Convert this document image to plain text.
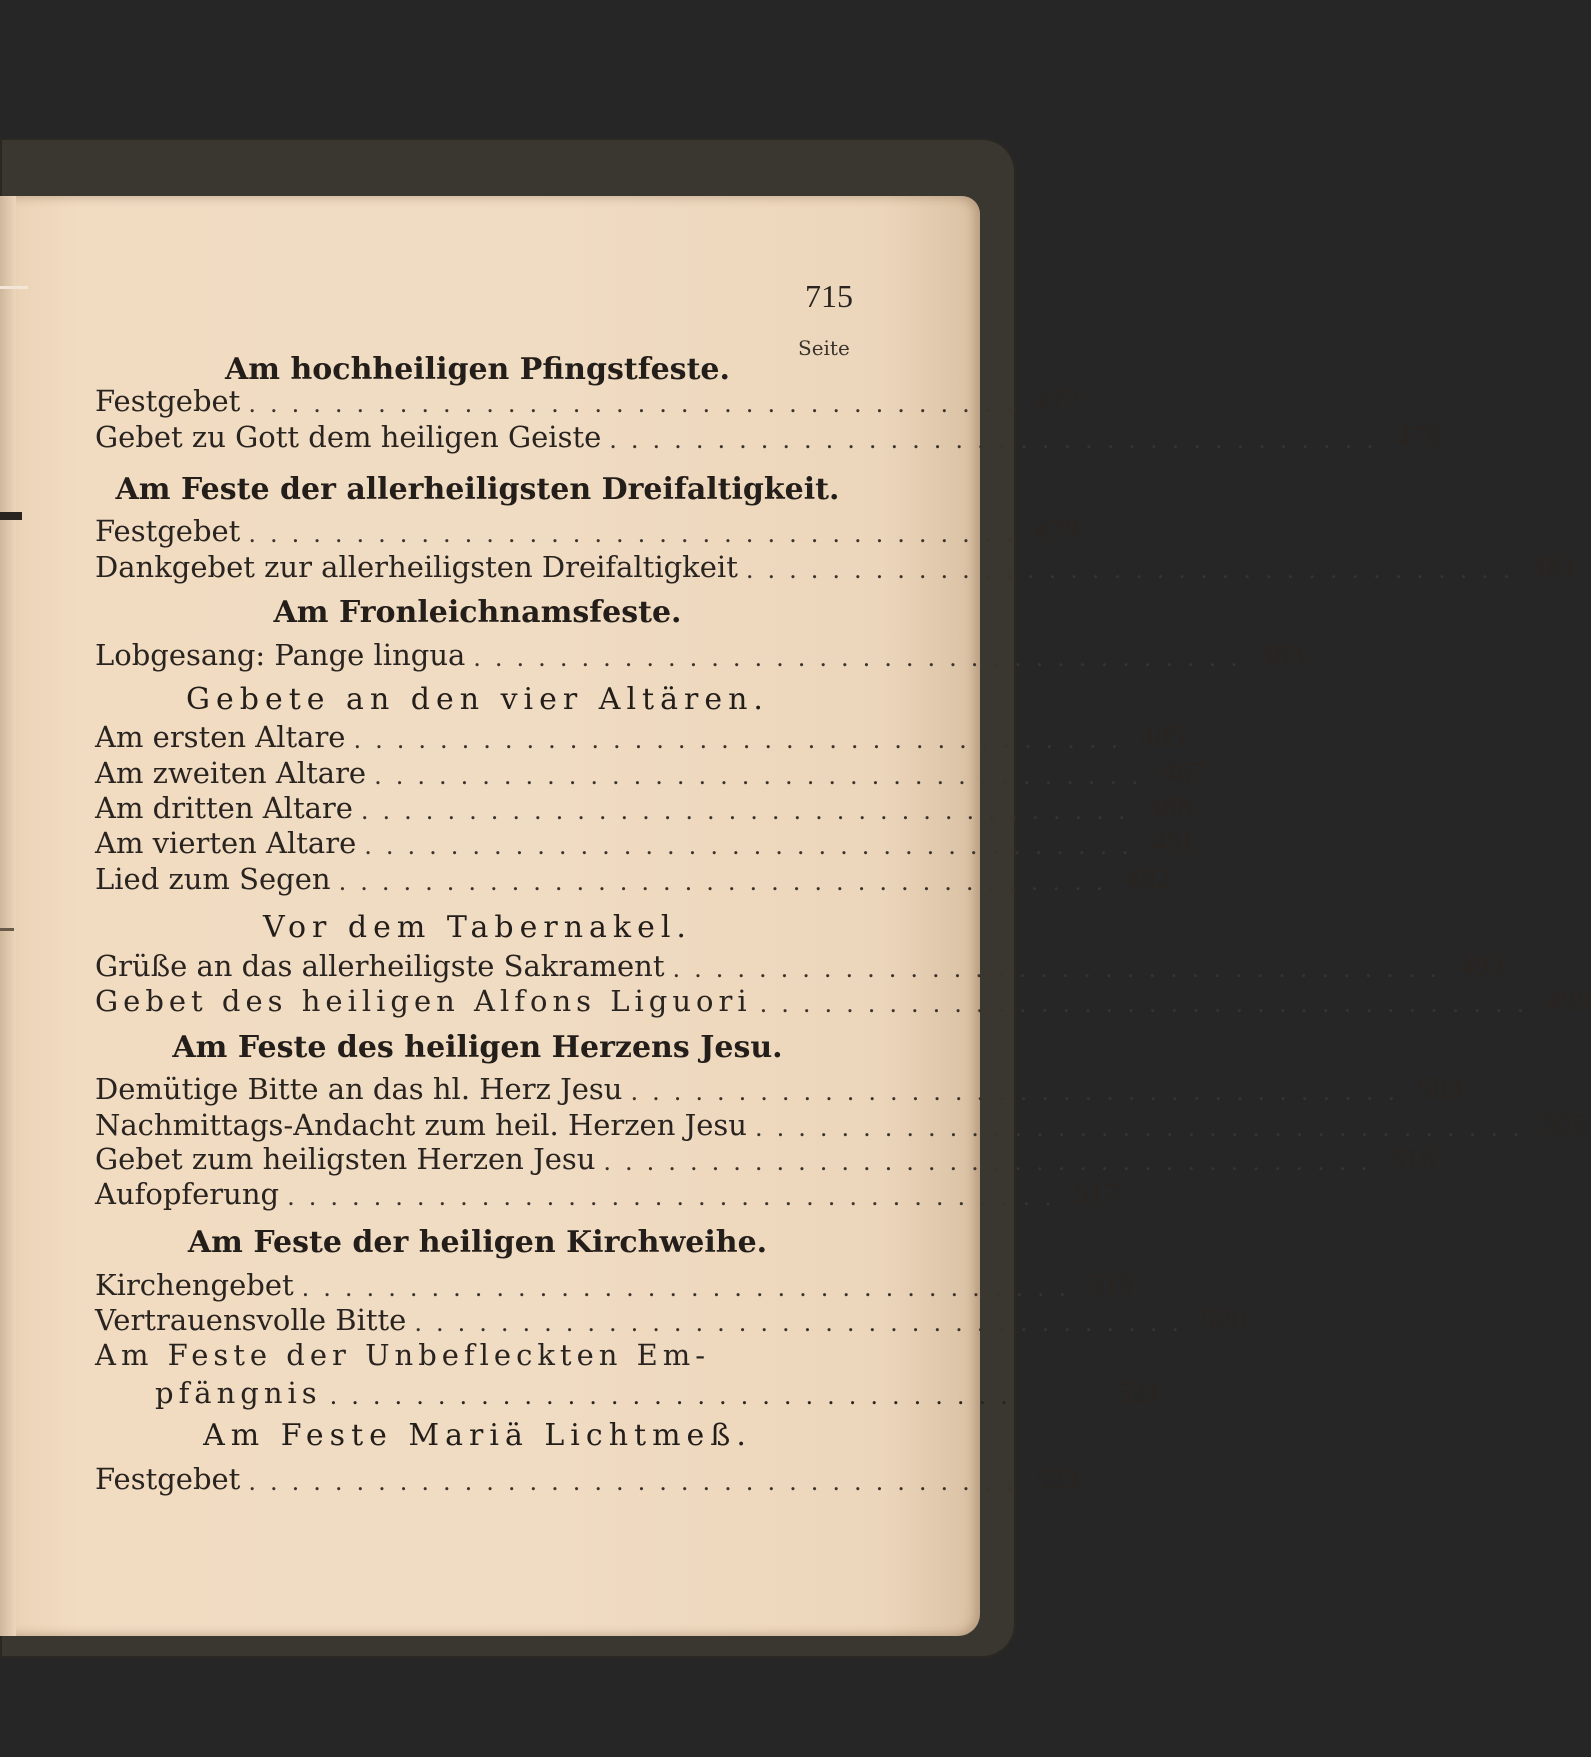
715
Seite
Am hochheiligen Pfingstfeste.
Festgebet .................................... 477
Gebet zu Gott dem heiligen Geiste .................................... 478
Am Feste der allerheiligsten Dreifaltigkeit.
Festgebet .................................... 479
Dankgebet zur allerheiligsten Dreifaltigkeit .................................... 481
Am Fronleichnamsfeste.
Lobgesang: Pange lingua .................................... 483
Gebete an den vier Altären.
Am ersten Altare .................................... 485
Am zweiten Altare .................................... 487
Am dritten Altare .................................... 488
Am vierten Altare .................................... 491
Lied zum Segen .................................... 492
Vor dem Tabernakel.
Grüße an das allerheiligste Sakrament .................................... 493
Gebet des heiligen Alfons Liguori .................................... 499
Am Feste des heiligen Herzens Jesu.
Demütige Bitte an das hl. Herz Jesu .................................... 503
Nachmittags-Andacht zum heil. Herzen Jesu .................................... 505
Gebet zum heiligsten Herzen Jesu .................................... 516
Aufopferung .................................... 517
Am Feste der heiligen Kirchweihe.
Kirchengebet .................................... 519
Vertrauensvolle Bitte .................................... 520
Am Feste der Unbefleckten Em-
pfängnis .................................... 521
Am Feste Mariä Lichtmeß.
Festgebet .................................... 523
